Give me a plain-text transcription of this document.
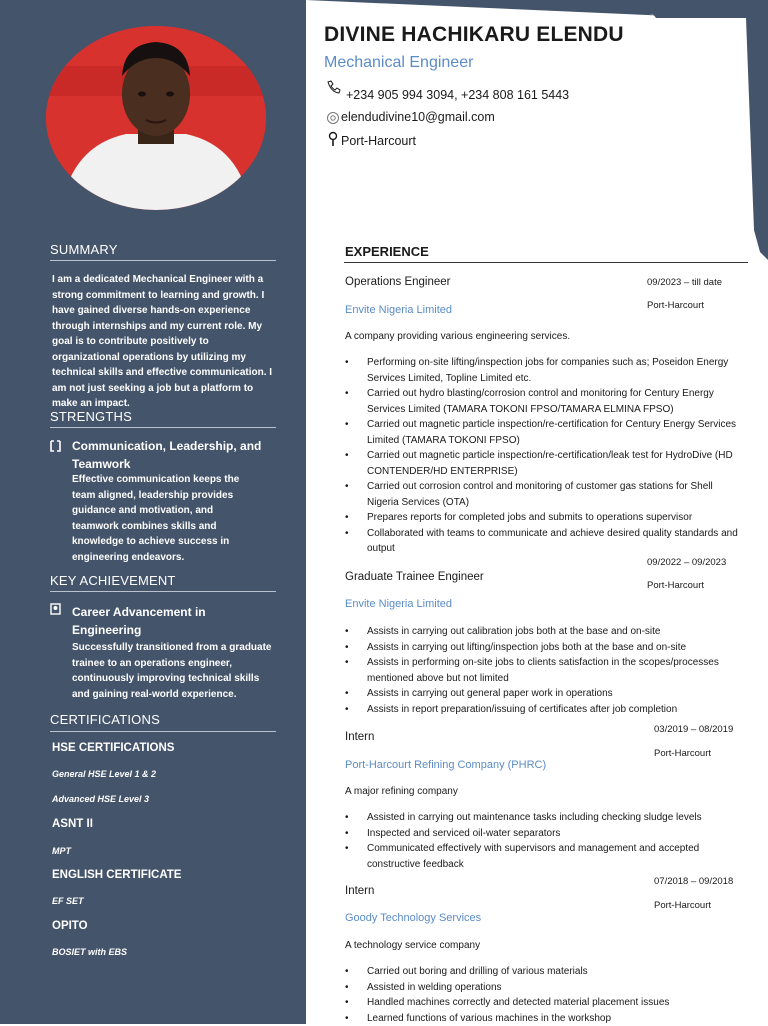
SUMMARY
I am a dedicated Mechanical Engineer with a strong commitment to learning and growth. I have gained diverse hands-on experience through internships and my current role. My goal is to contribute positively to organizational operations by utilizing my technical skills and effective communication. I am not just seeking a job but a platform to make an impact.
STRENGTHS
Communication, Leadership, and Teamwork
Effective communication keeps the team aligned, leadership provides guidance and motivation, and teamwork combines skills and knowledge to achieve success in engineering endeavors.
KEY ACHIEVEMENT
Career Advancement in Engineering
Successfully transitioned from a graduate trainee to an operations engineer, continuously improving technical skills and gaining real-world experience.
CERTIFICATIONS
HSE CERTIFICATIONS
General HSE Level 1 & 2
Advanced HSE Level 3
ASNT II
MPT
ENGLISH CERTIFICATE
EF SET
OPITO
BOSIET with EBS
DIVINE HACHIKARU ELENDU
Mechanical Engineer
+234 905 994 3094, +234 808 161 5443
elendudivine10@gmail.com
Port-Harcourt
EXPERIENCE
Operations Engineer	09/2023 – till date
Envite Nigeria Limited	Port-Harcourt
A company providing various engineering services.
• Performing on-site lifting/inspection jobs for companies such as; Poseidon Energy Services Limited, Topline Limited etc.
• Carried out hydro blasting/corrosion control and monitoring for Century Energy Services Limited (TAMARA TOKONI FPSO/TAMARA ELMINA FPSO)
• Carried out magnetic particle inspection/re-certification for Century Energy Services Limited (TAMARA TOKONI FPSO)
• Carried out magnetic particle inspection/re-certification/leak test for HydroDive (HD CONTENDER/HD ENTERPRISE)
• Carried out corrosion control and monitoring of customer gas stations for Shell Nigeria Services (OTA)
• Prepares reports for completed jobs and submits to operations supervisor
• Collaborated with teams to communicate and achieve desired quality standards and output
09/2022 – 09/2023
Graduate Trainee Engineer
Port-Harcourt
Envite Nigeria Limited
• Assists in carrying out calibration jobs both at the base and on-site
• Assists in carrying out lifting/inspection jobs both at the base and on-site
• Assists in performing on-site jobs to clients satisfaction in the scopes/processes mentioned above but not limited
• Assists in carrying out general paper work in operations
• Assists in report preparation/issuing of certificates after job completion
03/2019 – 08/2019
Intern
Port-Harcourt
Port-Harcourt Refining Company (PHRC)
A major refining company
• Assisted in carrying out maintenance tasks including checking sludge levels
• Inspected and serviced oil-water separators
• Communicated effectively with supervisors and management and accepted constructive feedback
07/2018 – 09/2018
Intern
Port-Harcourt
Goody Technology Services
A technology service company
• Carried out boring and drilling of various materials
• Assisted in welding operations
• Handled machines correctly and detected material placement issues
• Learned functions of various machines in the workshop
